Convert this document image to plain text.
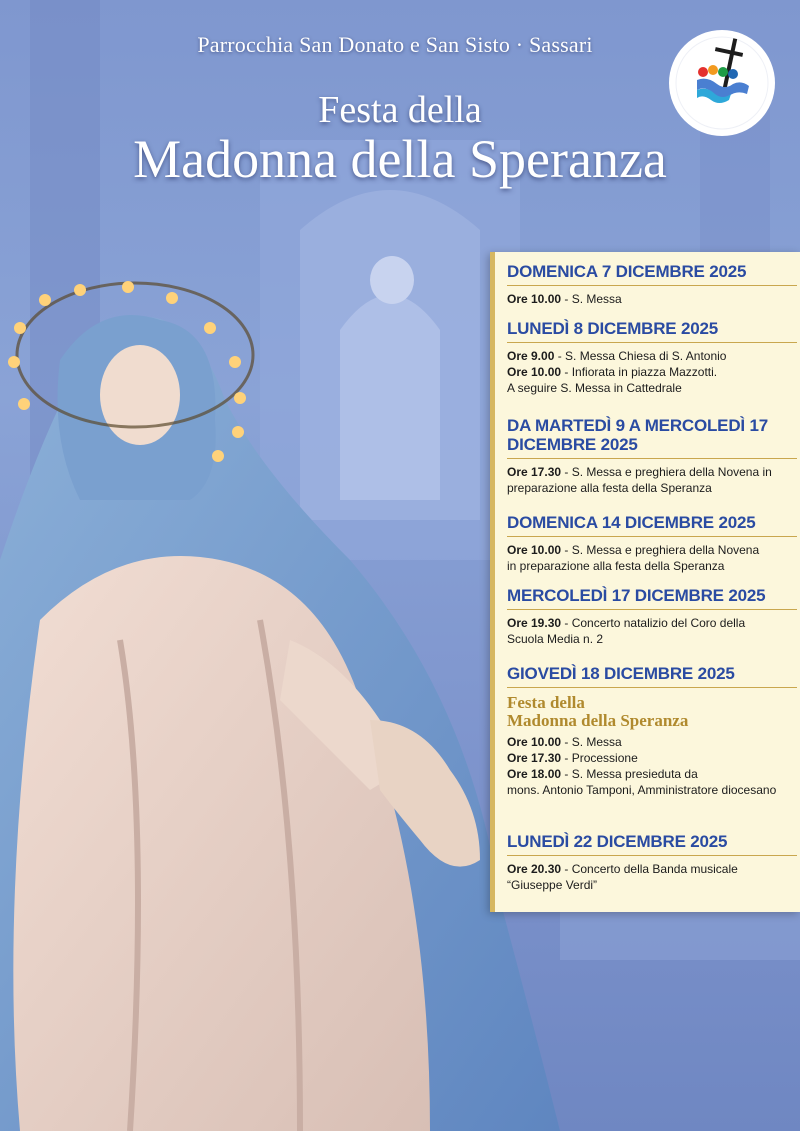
Parrocchia San Donato e San Sisto · Sassari
Festa della
Madonna della Speranza
DOMENICA 7 DICEMBRE 2025
Ore 10.00 - S. Messa
LUNEDÌ 8 DICEMBRE 2025
Ore 9.00 - S. Messa Chiesa di S. Antonio
Ore 10.00 - Infiorata in piazza Mazzotti.
A seguire S. Messa in Cattedrale
DA MARTEDÌ 9 A MERCOLEDÌ 17 DICEMBRE 2025
Ore 17.30 - S. Messa e preghiera della Novena in
preparazione alla festa della Speranza
DOMENICA 14 DICEMBRE 2025
Ore 10.00 - S. Messa e preghiera della Novena
in preparazione alla festa della Speranza
MERCOLEDÌ 17 DICEMBRE 2025
Ore 19.30 - Concerto natalizio del Coro della
Scuola Media n. 2
GIOVEDÌ 18 DICEMBRE 2025
Festa della
Madonna della Speranza
Ore 10.00 - S. Messa
Ore 17.30 - Processione
Ore 18.00 - S. Messa presieduta da
mons. Antonio Tamponi, Amministratore diocesano
LUNEDÌ 22 DICEMBRE 2025
Ore 20.30 - Concerto della Banda musicale
“Giuseppe Verdi”
